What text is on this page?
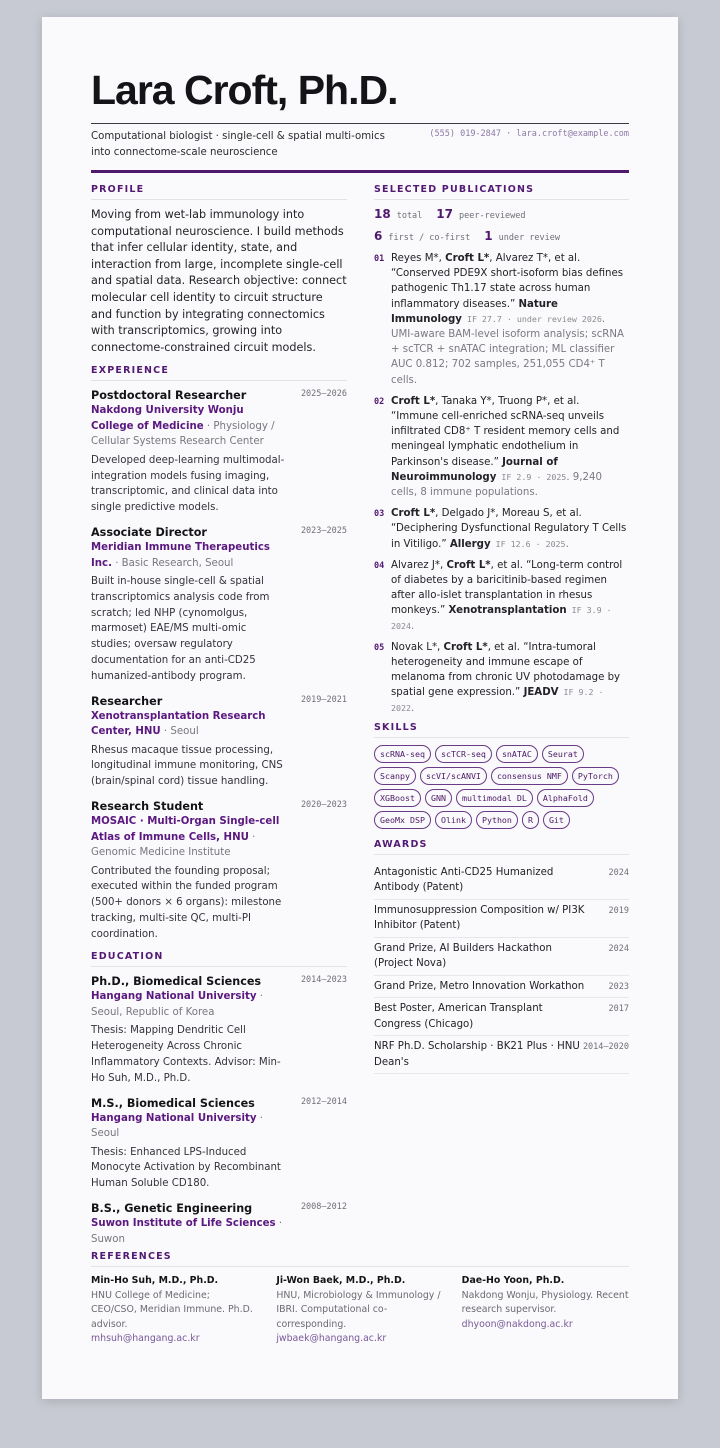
Lara Croft, Ph.D.
Computational biologist · single-cell & spatial multi-omics into connectome-scale neuroscience
(555) 019-2847 · lara.croft@example.com
PROFILE
Moving from wet-lab immunology into computational neuroscience. I build methods that infer cellular identity, state, and interaction from large, incomplete single-cell and spatial data. Research objective: connect molecular cell identity to circuit structure and function by integrating connectomics with transcriptomics, growing into connectome-constrained circuit models.
EXPERIENCE
Postdoctoral Researcher	2025–2026
Nakdong University Wonju College of Medicine · Physiology / Cellular Systems Research Center
Developed deep-learning multimodal-integration models fusing imaging, transcriptomic, and clinical data into single predictive models.
Associate Director	2023–2025
Meridian Immune Therapeutics Inc. · Basic Research, Seoul
Built in-house single-cell & spatial transcriptomics analysis code from scratch; led NHP (cynomolgus, marmoset) EAE/MS multi-omic studies; oversaw regulatory documentation for an anti-CD25 humanized-antibody program.
Researcher	2019–2021
Xenotransplantation Research Center, HNU · Seoul
Rhesus macaque tissue processing, longitudinal immune monitoring, CNS (brain/spinal cord) tissue handling.
Research Student	2020–2023
MOSAIC · Multi-Organ Single-cell Atlas of Immune Cells, HNU · Genomic Medicine Institute
Contributed the founding proposal; executed within the funded program (500+ donors × 6 organs): milestone tracking, multi-site QC, multi-PI coordination.
EDUCATION
Ph.D., Biomedical Sciences	2014–2023
Hangang National University · Seoul, Republic of Korea
Thesis: Mapping Dendritic Cell Heterogeneity Across Chronic Inflammatory Contexts. Advisor: Min-Ho Suh, M.D., Ph.D.
M.S., Biomedical Sciences	2012–2014
Hangang National University · Seoul
Thesis: Enhanced LPS-Induced Monocyte Activation by Recombinant Human Soluble CD180.
B.S., Genetic Engineering	2008–2012
Suwon Institute of Life Sciences · Suwon
SELECTED PUBLICATIONS
18 total 17 peer-reviewed
6 first / co-first 1 under review
01 Reyes M*, Croft L*, Alvarez T*, et al. “Conserved PDE9X short-isoform bias defines pathogenic Th1.17 state across human inflammatory diseases.” Nature Immunology IF 27.7 · under review 2026. UMI-aware BAM-level isoform analysis; scRNA + scTCR + snATAC integration; ML classifier AUC 0.812; 702 samples, 251,055 CD4⁺ T cells.
02 Croft L*, Tanaka Y*, Truong P*, et al. “Immune cell-enriched scRNA-seq unveils infiltrated CD8⁺ T resident memory cells and meningeal lymphatic endothelium in Parkinson's disease.” Journal of Neuroimmunology IF 2.9 · 2025. 9,240 cells, 8 immune populations.
03 Croft L*, Delgado J*, Moreau S, et al. “Deciphering Dysfunctional Regulatory T Cells in Vitiligo.” Allergy IF 12.6 · 2025.
04 Alvarez J*, Croft L*, et al. “Long-term control of diabetes by a baricitinib-based regimen after allo-islet transplantation in rhesus monkeys.” Xenotransplantation IF 3.9 · 2024.
05 Novak L*, Croft L*, et al. “Intra-tumoral heterogeneity and immune escape of melanoma from chronic UV photodamage by spatial gene expression.” JEADV IF 9.2 · 2022.
SKILLS
scRNA-seq	scTCR-seq	snATAC	Seurat
Scanpy	scVI/scANVI	consensus NMF	PyTorch
XGBoost	GNN	multimodal DL	AlphaFold
GeoMx DSP	Olink	Python	R	Git
AWARDS
Antagonistic Anti-CD25 Humanized Antibody (Patent)
2024
Immunosuppression Composition w/ PI3K Inhibitor (Patent)
2019
Grand Prize, AI Builders Hackathon (Project Nova)
2024
Grand Prize, Metro Innovation Workathon	2023
Best Poster, American Transplant Congress (Chicago)
2017
NRF Ph.D. Scholarship · BK21 Plus · HNU Dean's
2014–2020
REFERENCES
Min-Ho Suh, M.D., Ph.D.
HNU College of Medicine; CEO/CSO, Meridian Immune. Ph.D. advisor.
mhsuh@hangang.ac.kr
Ji-Won Baek, M.D., Ph.D.
HNU, Microbiology & Immunology / IBRI. Computational co-corresponding.
jwbaek@hangang.ac.kr
Dae-Ho Yoon, Ph.D.
Nakdong Wonju, Physiology. Recent research supervisor.
dhyoon@nakdong.ac.kr
